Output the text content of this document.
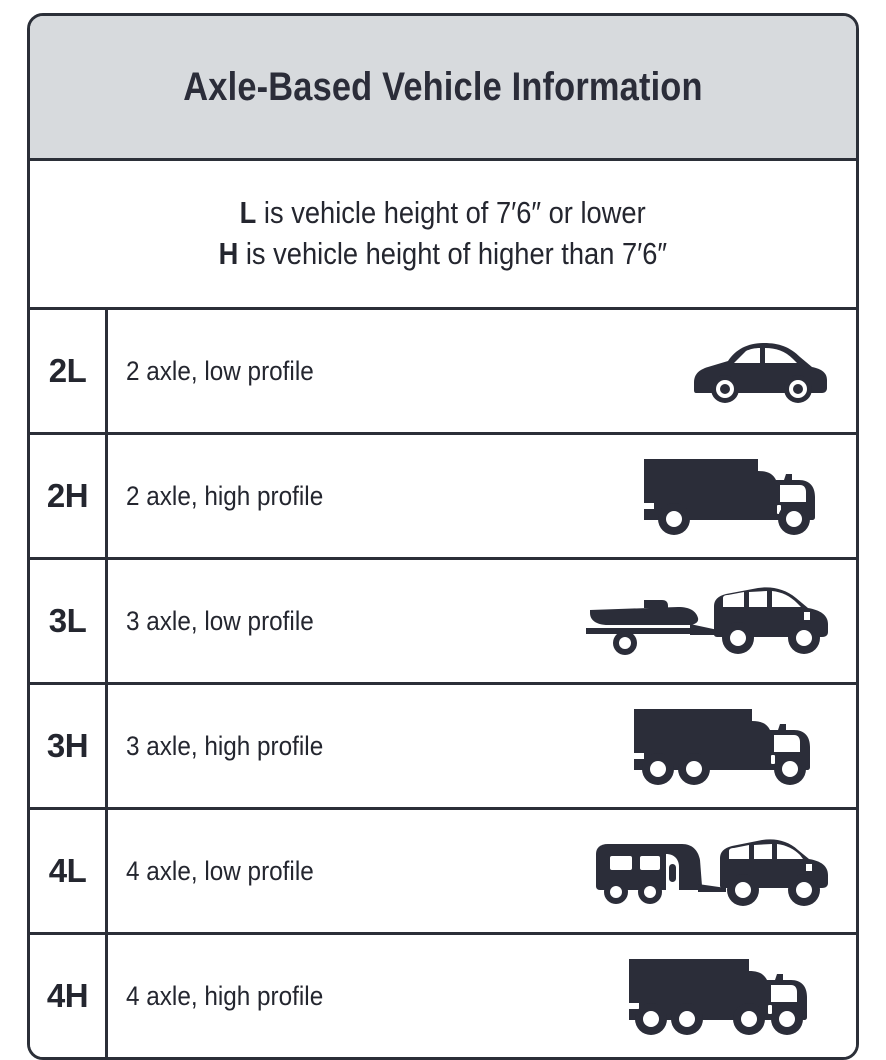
Axle-Based Vehicle Information
L is vehicle height of 7′6″ or lower
H is vehicle height of higher than 7′6″
2L	2 axle, low profile
2H	2 axle, high profile
3L	3 axle, low profile
3H	3 axle, high profile
4L	4 axle, low profile
4H	4 axle, high profile
